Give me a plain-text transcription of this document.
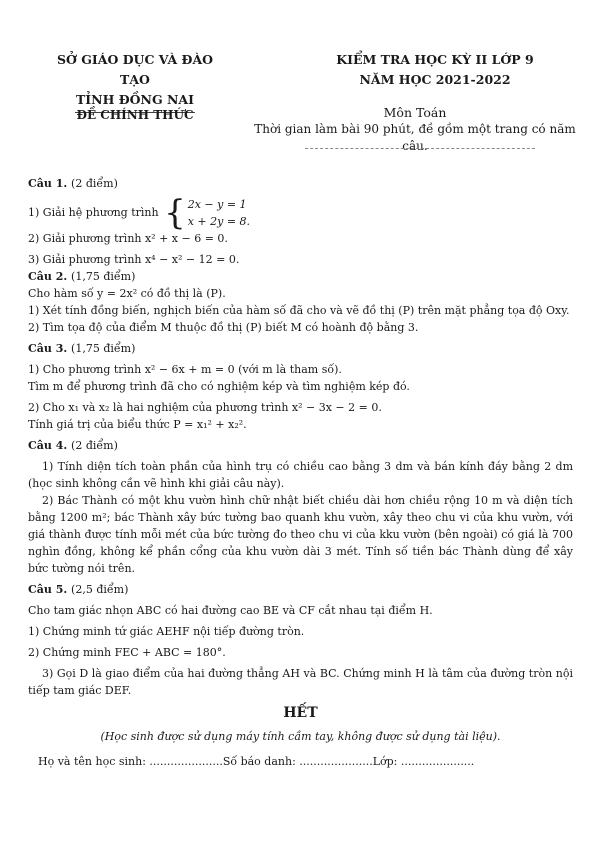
SỞ GIÁO DỤC VÀ ĐÀO TẠO
TỈNH ĐỒNG NAI
ĐỀ CHÍNH THỨC
KIỂM TRA HỌC KỲ II LỚP 9
NĂM HỌC 2021-2022
Môn Toán
Thời gian làm bài 90 phút, đề gồm một trang có năm câu.

Câu 1. (2 điểm)

1) Giải hệ phương trình { 2x − y = 1
x + 2y = 8.

2) Giải phương trình x² + x − 6 = 0.

3) Giải phương trình x⁴ − x² − 12 = 0.

Câu 2. (1,75 điểm)

Cho hàm số y = 2x² có đồ thị là (P).

1) Xét tính đồng biến, nghịch biến của hàm số đã cho và vẽ đồ thị (P) trên mặt phẳng tọa độ Oxy.

2) Tìm tọa độ của điểm M thuộc đồ thị (P) biết M có hoành độ bằng 3.

Câu 3. (1,75 điểm)

1) Cho phương trình x² − 6x + m = 0 (với m là tham số).

Tìm m để phương trình đã cho có nghiệm kép và tìm nghiệm kép đó.

2) Cho x₁ và x₂ là hai nghiệm của phương trình x² − 3x − 2 = 0.

Tính giá trị của biểu thức P = x₁² + x₂².

Câu 4. (2 điểm)

1) Tính diện tích toàn phần của hình trụ có chiều cao bằng 3 dm và bán kính đáy bằng 2 dm (học sinh không cần vẽ hình khi giải câu này).

2) Bác Thành có một khu vườn hình chữ nhật biết chiều dài hơn chiều rộng 10 m và diện tích bằng 1200 m²; bác Thành xây bức tường bao quanh khu vườn, xây theo chu vi của khu vườn, với giá thành được tính mỗi mét của bức tường đo theo chu vi của kku vườn (bên ngoài) có giá là 700 nghìn đồng, không kể phần cổng của khu vườn dài 3 mét. Tính số tiền bác Thành dùng để xây bức tường nói trên.

Câu 5. (2,5 điểm)

Cho tam giác nhọn ABC có hai đường cao BE và CF cắt nhau tại điểm H.

1) Chứng minh tứ giác AEHF nội tiếp đường tròn.

2) Chứng minh FEC + ABC = 180°.

3) Gọi D là giao điểm của hai đường thẳng AH và BC. Chứng minh H là tâm của đường tròn nội tiếp tam giác DEF.

HẾT
(Học sinh được sử dụng máy tính cầm tay, không được sử dụng tài liệu).
Họ và tên học sinh: .....................Số báo danh: .....................Lớp: .....................
